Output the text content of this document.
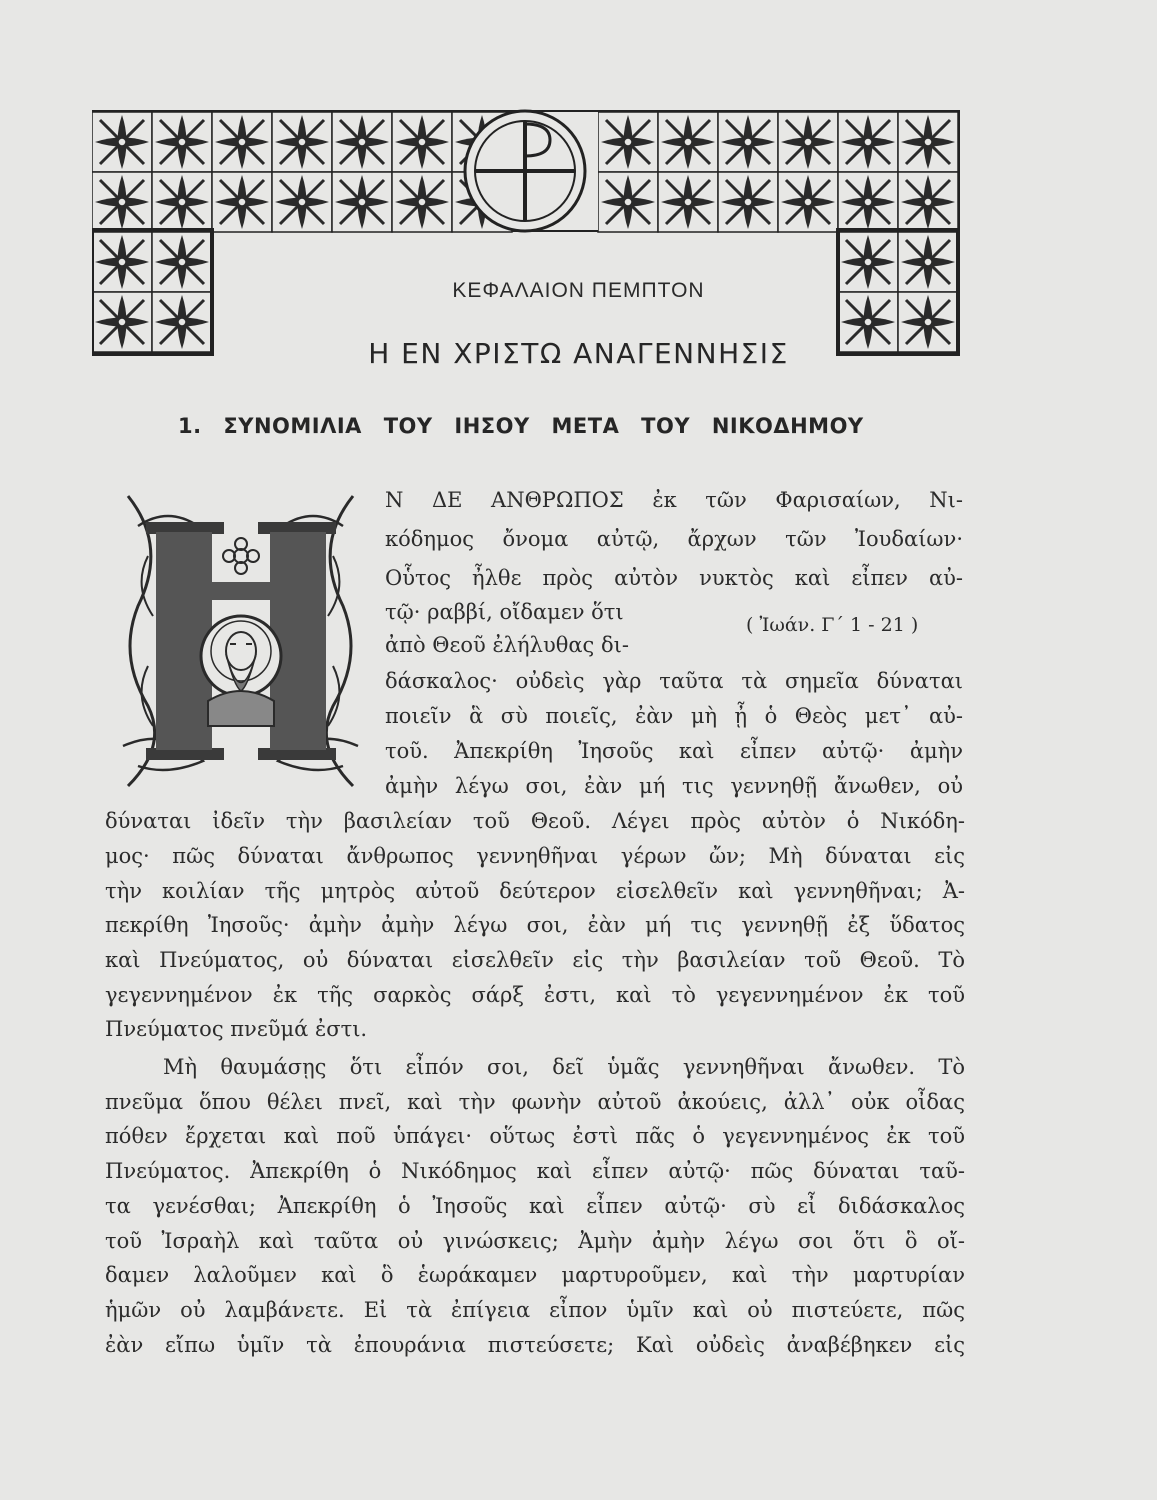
ΚΕΦΑΛΑΙΟΝ ΠΕΜΠΤΟΝ
Η ΕΝ ΧΡΙΣΤΩ ΑΝΑΓΕΝΝΗΣΙΣ
1. ΣΥΝΟΜΙΛΙΑ ΤΟΥ ΙΗΣΟΥ ΜΕΤΑ ΤΟΥ ΝΙΚΟΔΗΜΟΥ
( Ἰωάν. Γ΄ 1 - 21 )
Ν ΔΕ ΑΝΘΡΩΠΟΣ ἐκ τῶν Φαρισαίων, Νι-
κόδημος ὄνομα αὐτῷ, ἄρχων τῶν Ἰουδαίων·
Οὗτος ἦλθε πρὸς αὐτὸν νυκτὸς καὶ εἶπεν αὐ-
τῷ· ραββί, οἴδαμεν ὅτι
ἀπὸ Θεοῦ ἐλήλυθας δι-
δάσκαλος· οὐδεὶς γὰρ ταῦτα τὰ σημεῖα δύναται
ποιεῖν ἃ σὺ ποιεῖς, ἐὰν μὴ ᾖ ὁ Θεὸς μετ᾽ αὐ-
τοῦ. Ἀπεκρίθη Ἰησοῦς καὶ εἶπεν αὐτῷ· ἀμὴν
ἀμὴν λέγω σοι, ἐὰν μή τις γεννηθῇ ἄνωθεν, οὐ
δύναται ἰδεῖν τὴν βασιλείαν τοῦ Θεοῦ. Λέγει πρὸς αὐτὸν ὁ Νικόδη-
μος· πῶς δύναται ἄνθρωπος γεννηθῆναι γέρων ὤν; Μὴ δύναται εἰς
τὴν κοιλίαν τῆς μητρὸς αὐτοῦ δεύτερον εἰσελθεῖν καὶ γεννηθῆναι; Ἀ-
πεκρίθη Ἰησοῦς· ἀμὴν ἀμὴν λέγω σοι, ἐὰν μή τις γεννηθῇ ἐξ ὕδατος
καὶ Πνεύματος, οὐ δύναται εἰσελθεῖν εἰς τὴν βασιλείαν τοῦ Θεοῦ. Τὸ
γεγεννημένον ἐκ τῆς σαρκὸς σάρξ ἐστι, καὶ τὸ γεγεννημένον ἐκ τοῦ
Πνεύματος πνεῦμά ἐστι.
Μὴ θαυμάσῃς ὅτι εἶπόν σοι, δεῖ ὑμᾶς γεννηθῆναι ἄνωθεν. Τὸ
πνεῦμα ὅπου θέλει πνεῖ, καὶ τὴν φωνὴν αὐτοῦ ἀκούεις, ἀλλ᾽ οὐκ οἶδας
πόθεν ἔρχεται καὶ ποῦ ὑπάγει· οὕτως ἐστὶ πᾶς ὁ γεγεννημένος ἐκ τοῦ
Πνεύματος. Ἀπεκρίθη ὁ Νικόδημος καὶ εἶπεν αὐτῷ· πῶς δύναται ταῦ-
τα γενέσθαι; Ἀπεκρίθη ὁ Ἰησοῦς καὶ εἶπεν αὐτῷ· σὺ εἶ διδάσκαλος
τοῦ Ἰσραὴλ καὶ ταῦτα οὐ γινώσκεις; Ἀμὴν ἀμὴν λέγω σοι ὅτι ὃ οἴ-
δαμεν λαλοῦμεν καὶ ὃ ἑωράκαμεν μαρτυροῦμεν, καὶ τὴν μαρτυρίαν
ἡμῶν οὐ λαμβάνετε. Εἰ τὰ ἐπίγεια εἶπον ὑμῖν καὶ οὐ πιστεύετε, πῶς
ἐὰν εἴπω ὑμῖν τὰ ἐπουράνια πιστεύσετε; Καὶ οὐδεὶς ἀναβέβηκεν εἰς
